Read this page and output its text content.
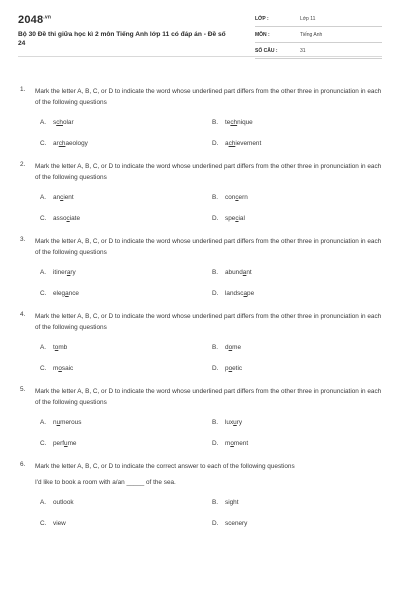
$2048^{.vn}$
Bộ 30 Đề thi giữa học kì 2 môn Tiếng Anh lớp 11 có đáp án - Đề số 24
LỚP :	Lớp 11
MÔN :	Tiếng Anh
SỐ CÂU :	31
1. Mark the letter A, B, C, or D to indicate the word whose underlined part differs from the other three in pronunciation in each of the following questions
A. scholar	B. technique
C. archaeology	D. achievement
2. Mark the letter A, B, C, or D to indicate the word whose underlined part differs from the other three in pronunciation in each of the following questions
A. ancient	B. concern
C. associate	D. special
3. Mark the letter A, B, C, or D to indicate the word whose underlined part differs from the other three in pronunciation in each of the following questions
A. itinerary	B. abundant
C. elegance	D. landscape
4. Mark the letter A, B, C, or D to indicate the word whose underlined part differs from the other three in pronunciation in each of the following questions
A. tomb	B. dome
C. mosaic	D. poetic
5. Mark the letter A, B, C, or D to indicate the word whose underlined part differs from the other three in pronunciation in each of the following questions
A. numerous	B. luxury
C. perfume	D. moment
6. Mark the letter A, B, C, or D to indicate the correct answer to each of the following questions
I'd like to book a room with a/an _____ of the sea.
A. outlook	B. sight
C. view	D. scenery
